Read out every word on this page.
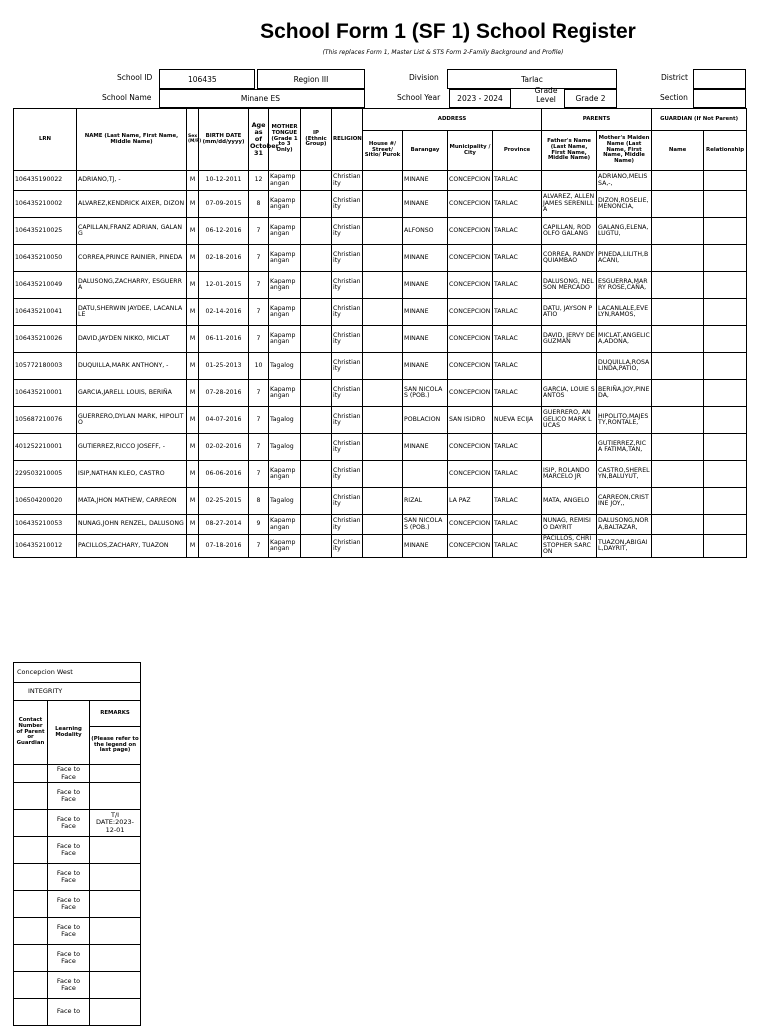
School Form 1 (SF 1) School Register
(This replaces Form 1, Master List & STS Form 2-Family Background and Profile)
School ID	106435	Region III	Division	Tarlac	District
School Name	Minane ES	School Year	2023 - 2024
Grade Level	Grade 2	Section
LRN	NAME (Last Name, First Name, Middle Name)	Sex (M/F)	BIRTH DATE (mm/dd/yyyy)	Age as of October 31	MOTHER TONGUE (Grade 1 to 3 Only)	IP (Ethnic Group)	RELIGION	ADDRESS				PARENTS		GUARDIAN (If Not Parent)	
								House #/ Street/ Sitio/ Purok	Barangay	Municipality / City	Province	Father's Name (Last Name, First Name, Middle Name)	Mother's Maiden Name (Last Name, First Name, Middle Name)	Name	Relationship
106435190022	ADRIANO,TJ, -	M	10-12-2011	12	Kapampangan		Christianity		MINANE	CONCEPCION	TARLAC		ADRIANO,MELISSA,-,		
106435210002	ALVAREZ,KENDRICK AIXER, DIZON	M	07-09-2015	8	Kapampangan		Christianity		MINANE	CONCEPCION	TARLAC	ALVAREZ, ALLEN JAMES SERENILLA	DIZON,ROSELIE,MENONCIA,		
106435210025	CAPILLAN,FRANZ ADRIAN, GALANG	M	06-12-2016	7	Kapampangan		Christianity		ALFONSO	CONCEPCION	TARLAC	CAPILLAN, RODOLFO GALANG	GALANG,ELENA,LUGTU,		
106435210050	CORREA,PRINCE RAINIER, PINEDA	M	02-18-2016	7	Kapampangan		Christianity		MINANE	CONCEPCION	TARLAC	CORREA, RANDY QUIAMBAO	PINEDA,LILITH,BACANI,		
106435210049	DALUSONG,ZACHARRY, ESGUERRA	M	12-01-2015	7	Kapampangan		Christianity		MINANE	CONCEPCION	TARLAC	DALUSONG, NELSON MERCADO	ESGUERRA,MARRY ROSE,CAÑA,		
106435210041	DATU,SHERWIN JAYDEE, LACANLALE	M	02-14-2016	7	Kapampangan		Christianity		MINANE	CONCEPCION	TARLAC	DATU, JAYSON PATIO	LACANLALE,EVELYN,RAMOS,		
106435210026	DAVID,JAYDEN NIKKO, MICLAT	M	06-11-2016	7	Kapampangan		Christianity		MINANE	CONCEPCION	TARLAC	DAVID, JERVY DE GUZMAN	MICLAT,ANGELICA,ADONA,		
105772180003	DUQUILLA,MARK ANTHONY, -	M	01-25-2013	10	Tagalog		Christianity		MINANE	CONCEPCION	TARLAC		DUQUILLA,ROSALINDA,PATIO,		
106435210001	GARCIA,JARELL LOUIS, BERIÑA	M	07-28-2016	7	Kapampangan		Christianity		SAN NICOLAS (POB.)	CONCEPCION	TARLAC	GARCIA, LOUIE SANTOS	BERIÑA,JOY,PINEDA,		
105687210076	GUERRERO,DYLAN MARK, HIPOLITO	M	04-07-2016	7	Tagalog		Christianity		POBLACION	SAN ISIDRO	NUEVA ECIJA	GUERRERO, ANGELICO MARK LUCAS	HIPOLITO,MAJESTY,RONTALE,		
401252210001	GUTIERREZ,RICCO JOSEFF, -	M	02-02-2016	7	Tagalog		Christianity		MINANE	CONCEPCION	TARLAC		GUTIERREZ,RICA FATIMA,TAN,		
229503210005	ISIP,NATHAN KLEO, CASTRO	M	06-06-2016	7	Kapampangan		Christianity			CONCEPCION	TARLAC	ISIP, ROLANDO MARCELO JR	CASTRO,SHERELYN,BALUYUT,		
106504200020	MATA,JHON MATHEW, CARREON	M	02-25-2015	8	Tagalog		Christianity		RIZAL	LA PAZ	TARLAC	MATA, ANGELO	CARREON,CRISTINE JOY,,		
106435210053	NUNAG,JOHN RENZEL, DALUSONG	M	08-27-2014	9	Kapampangan		Christianity		SAN NICOLAS (POB.)	CONCEPCION	TARLAC	NUNAG, REMISIO DAYRIT	DALUSONG,NORA,BALTAZAR,		
106435210012	PACILLOS,ZACHARY, TUAZON	M	07-18-2016	7	Kapampangan		Christianity		MINANE	CONCEPCION	TARLAC	PACILLOS, CHRISTOPHER SARCON	TUAZON,ABIGAIL,DAYRIT,		
Concepcion West		
INTEGRITY		
Contact Number of Parent or Guardian	Learning Modality	REMARKS
		(Please refer to the legend on last page)
	Face to Face	
	Face to Face	
	Face to Face	T/I DATE:2023-12-01
	Face to Face	
	Face to Face	
	Face to Face	
	Face to Face	
	Face to Face	
	Face to Face	
	Face to	
